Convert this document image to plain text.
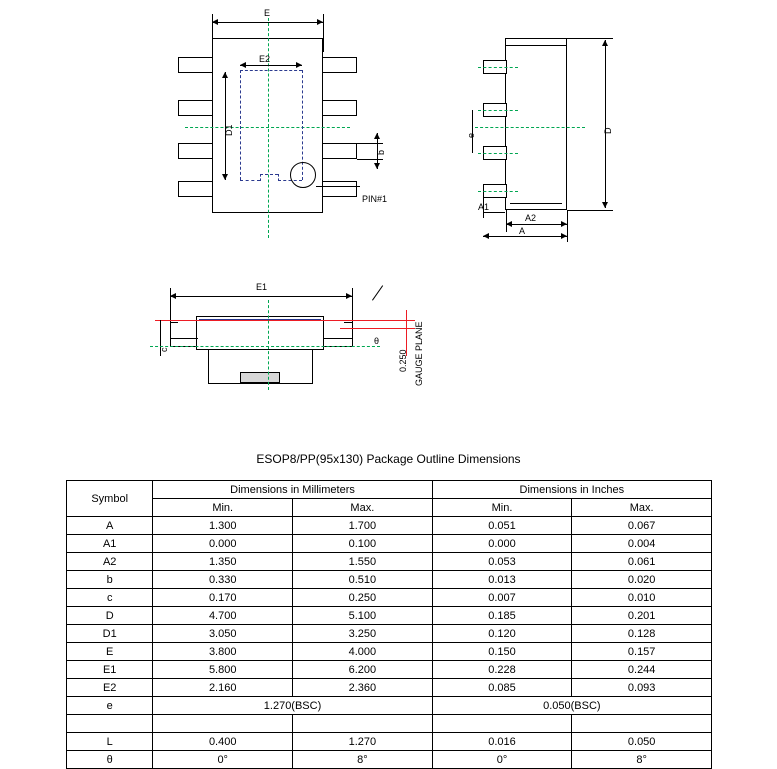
E
E2
D1
b
PIN#1
e
D
A1
A2
A
E1
c
θ
0.250 GAUGE PLANE
ESOP8/PP(95x130) Package Outline Dimensions
Symbol	Dimensions in Millimeters		Dimensions in Inches	
	Min.	Max.	Min.	Max.
A	1.300	1.700	0.051	0.067
A1	0.000	0.100	0.000	0.004
A2	1.350	1.550	0.053	0.061
b	0.330	0.510	0.013	0.020
c	0.170	0.250	0.007	0.010
D	4.700	5.100	0.185	0.201
D1	3.050	3.250	0.120	0.128
E	3.800	4.000	0.150	0.157
E1	5.800	6.200	0.228	0.244
E2	2.160	2.360	0.085	0.093
e	1.270(BSC)		0.050(BSC)	

L	0.400	1.270	0.016	0.050
θ	0°	8°	0°	8°
